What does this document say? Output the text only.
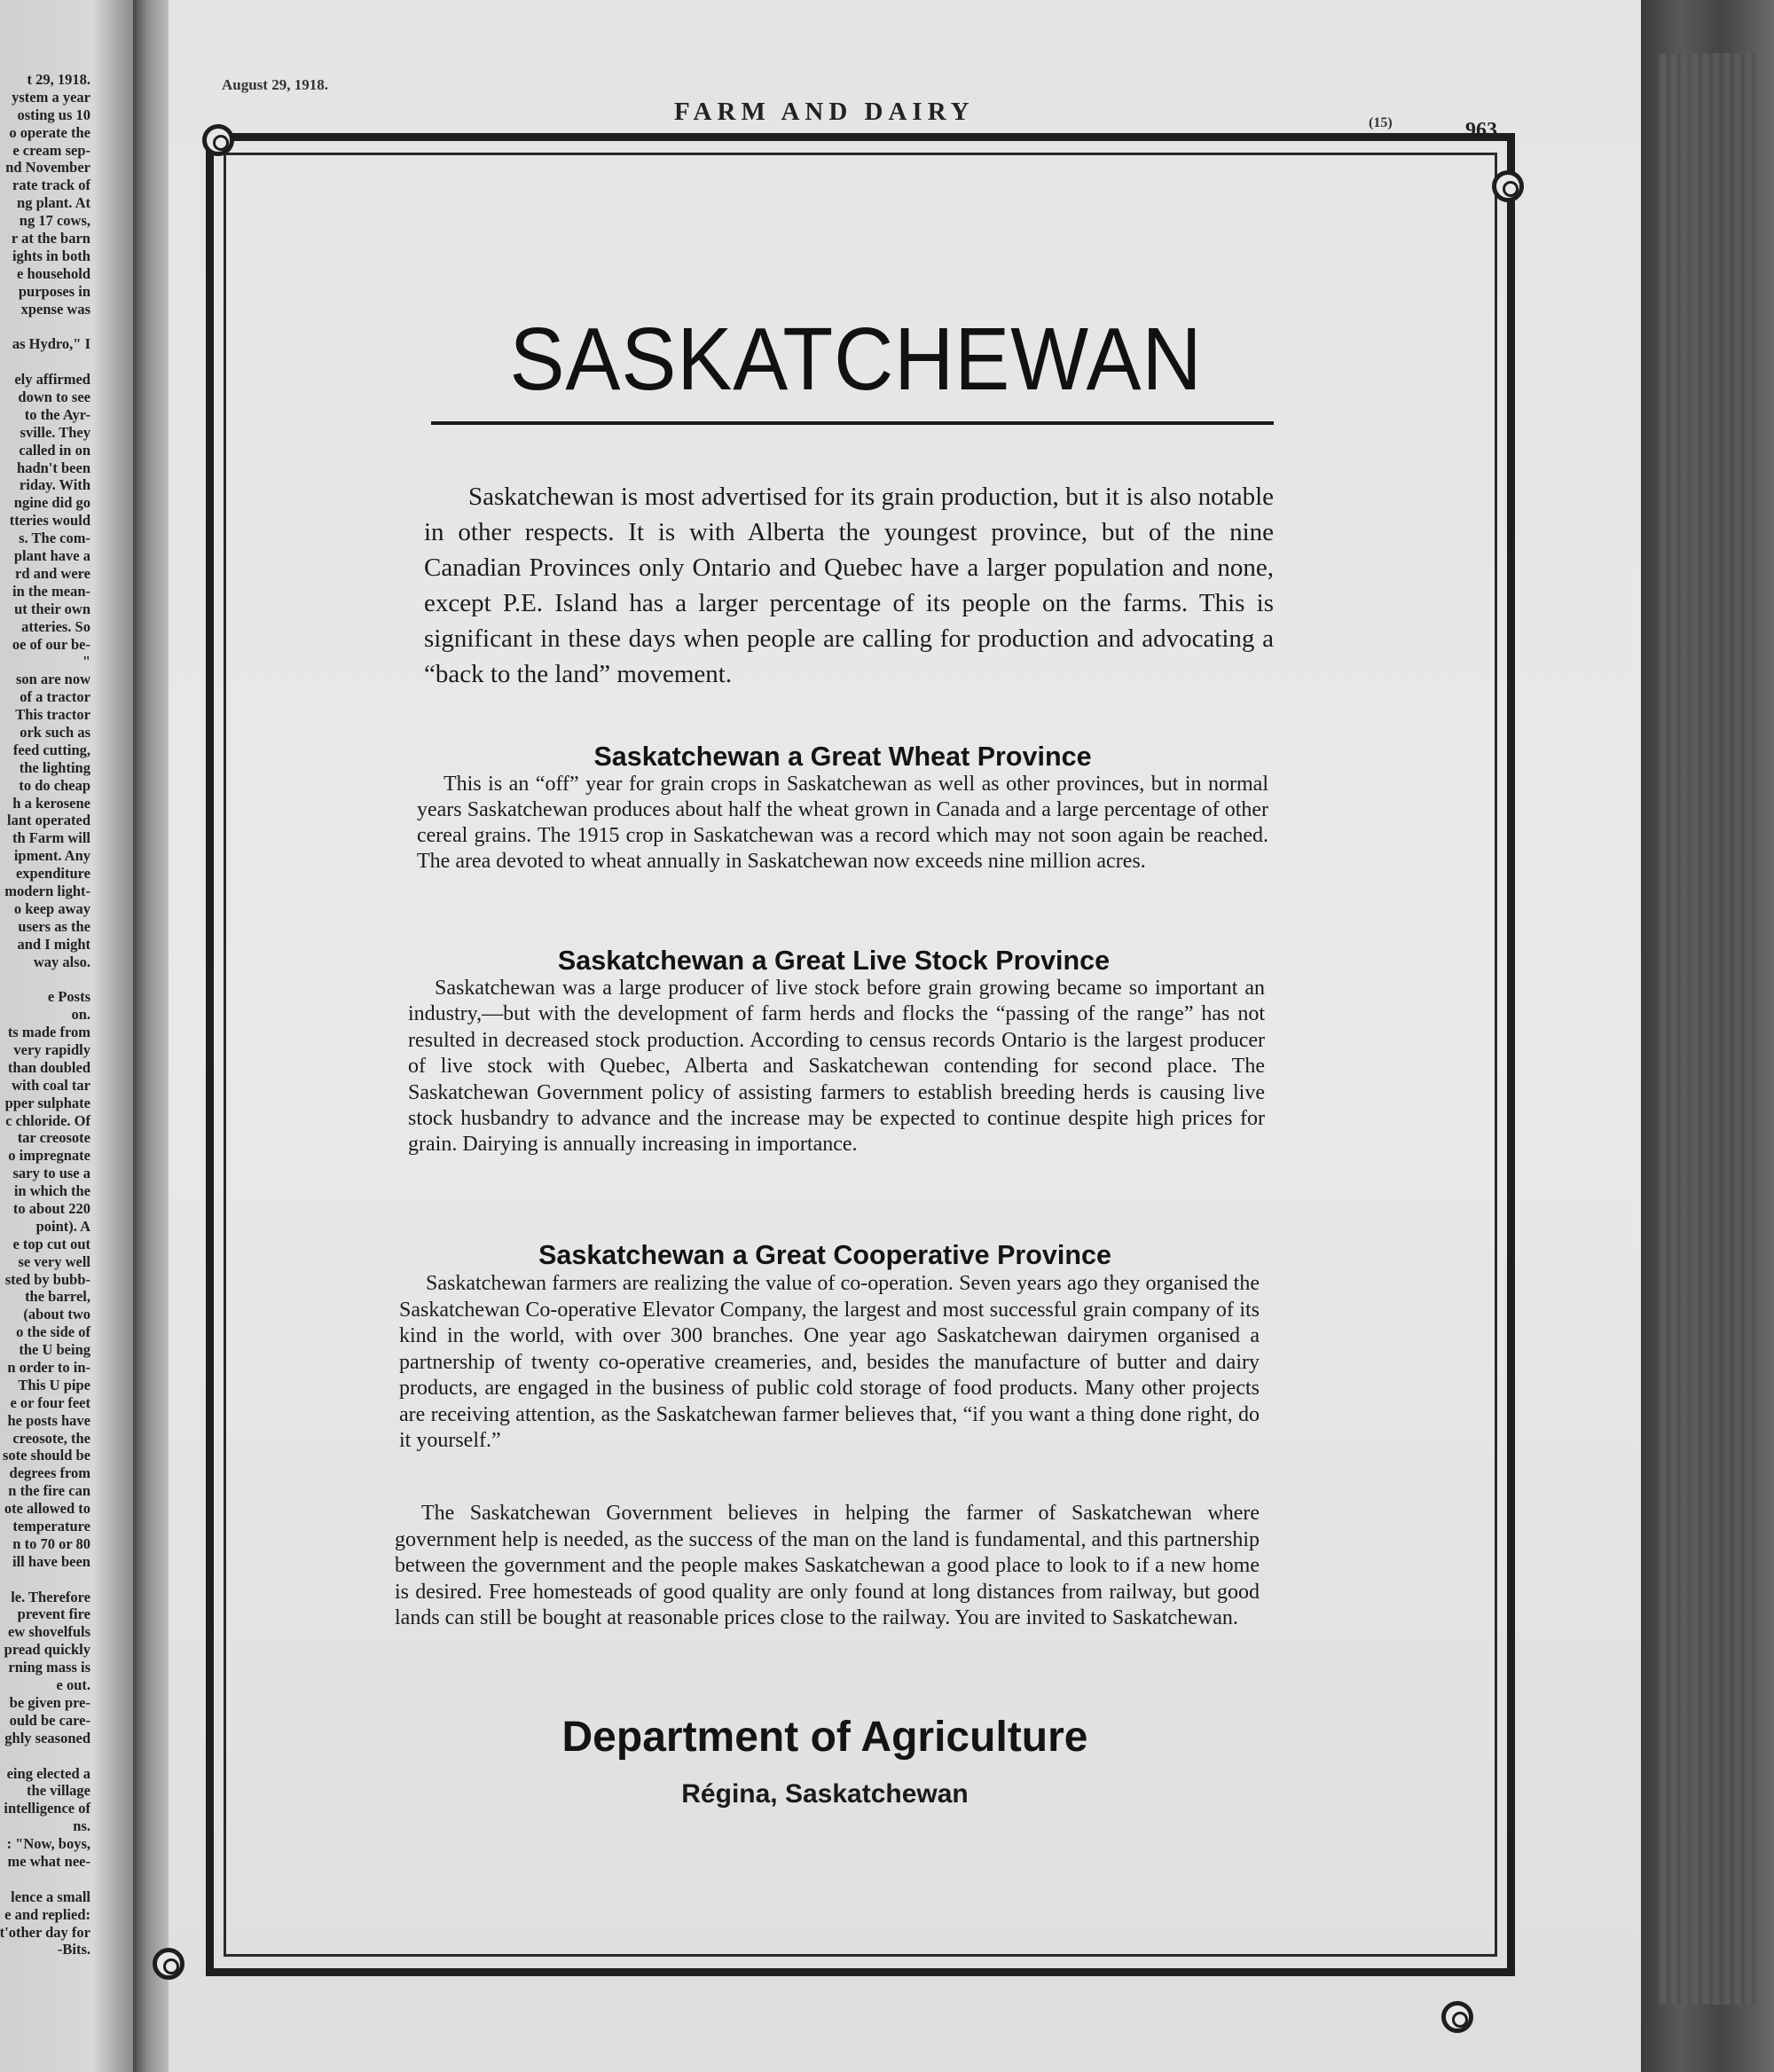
t 29, 1918.
ystem a year
osting us 10
o operate the
e cream sep-
nd November
rate track of
ng plant. At
ng 17 cows,
r at the barn
ights in both
e household
purposes in
xpense was
as Hydro," I
ely affirmed
down to see
to the Ayr-
sville. They
called in on
hadn't been
riday. With
ngine did go
tteries would
s. The com-
plant have a
rd and were
in the mean-
ut their own
atteries. So
oe of our be-
"
son are now
of a tractor
This tractor
ork such as
feed cutting,
the lighting
to do cheap
h a kerosene
lant operated
th Farm will
ipment. Any
expenditure
modern light-
o keep away
users as the
and I might
way also.
e Posts
on.
ts made from
very rapidly
than doubled
with coal tar
pper sulphate
c chloride. Of
tar creosote
o impregnate
sary to use a
in which the
to about 220
point). A
e top cut out
se very well
sted by bubb-
the barrel,
(about two
o the side of
the U being
n order to in-
This U pipe
e or four feet
he posts have
creosote, the
sote should be
degrees from
n the fire can
ote allowed to
temperature
n to 70 or 80
ill have been
le. Therefore
prevent fire
ew shovelfuls
pread quickly
rning mass is
e out.
be given pre-
ould be care-
ghly seasoned
eing elected a
the village
intelligence of
ns.
: "Now, boys,
me what nee-
lence a small
e and replied:
t'other day for
-Bits.
August 29, 1918.
FARM AND DAIRY	(15)	963
SASKATCHEWAN
Saskatchewan is most advertised for its grain production, but it is also notable in other respects. It is with Alberta the youngest province, but of the nine Canadian Provinces only Ontario and Quebec have a larger population and none, except P.E. Island has a larger percentage of its people on the farms. This is significant in these days when people are calling for production and advocating a “back to the land” movement.
Saskatchewan a Great Wheat Province
This is an “off” year for grain crops in Saskatchewan as well as other provinces, but in normal years Saskatchewan produces about half the wheat grown in Canada and a large percentage of other cereal grains. The 1915 crop in Saskatchewan was a record which may not soon again be reached. The area devoted to wheat annually in Saskatchewan now exceeds nine million acres.
Saskatchewan a Great Live Stock Province
Saskatchewan was a large producer of live stock before grain growing became so important an industry,—but with the development of farm herds and flocks the “passing of the range” has not resulted in decreased stock production. According to census records Ontario is the largest producer of live stock with Quebec, Alberta and Saskatchewan contending for second place. The Saskatchewan Government policy of assisting farmers to establish breeding herds is causing live stock husbandry to advance and the increase may be expected to continue despite high prices for grain. Dairying is annually increasing in importance.
Saskatchewan a Great Cooperative Province
Saskatchewan farmers are realizing the value of co-operation. Seven years ago they organised the Saskatchewan Co-operative Elevator Company, the largest and most successful grain company of its kind in the world, with over 300 branches. One year ago Saskatchewan dairymen organised a partnership of twenty co-operative creameries, and, besides the manufacture of butter and dairy products, are engaged in the business of public cold storage of food products. Many other projects are receiving attention, as the Saskatchewan farmer believes that, “if you want a thing done right, do it yourself.”
The Saskatchewan Government believes in helping the farmer of Saskatchewan where government help is needed, as the success of the man on the land is fundamental, and this partnership between the government and the people makes Saskatchewan a good place to look to if a new home is desired. Free homesteads of good quality are only found at long distances from railway, but good lands can still be bought at reasonable prices close to the railway. You are invited to Saskatchewan.
Department of Agriculture
Régina, Saskatchewan
